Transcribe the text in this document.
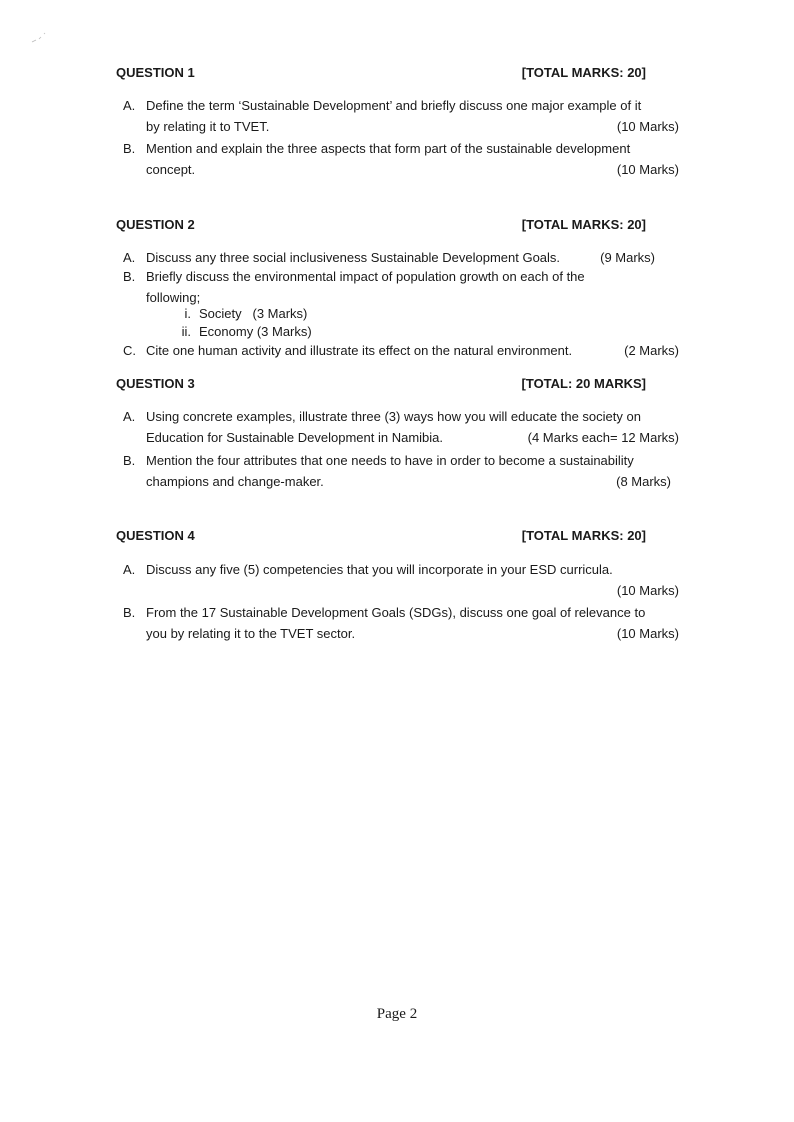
QUESTION 1	[TOTAL MARKS: 20]
A. Define the term ‘Sustainable Development’ and briefly discuss one major example of it
by relating it to TVET.	(10 Marks)
B. Mention and explain the three aspects that form part of the sustainable development
concept.	(10 Marks)
QUESTION 2	[TOTAL MARKS: 20]
A. Discuss any three social inclusiveness Sustainable Development Goals.	(9 Marks)
B. Briefly discuss the environmental impact of population growth on each of the
following;
i. Society (3 Marks)
ii. Economy (3 Marks)
C. Cite one human activity and illustrate its effect on the natural environment.	(2 Marks)
QUESTION 3	[TOTAL: 20 MARKS]
A. Using concrete examples, illustrate three (3) ways how you will educate the society on
Education for Sustainable Development in Namibia.	(4 Marks each= 12 Marks)
B. Mention the four attributes that one needs to have in order to become a sustainability
champions and change-maker.	(8 Marks)
QUESTION 4	[TOTAL MARKS: 20]
A. Discuss any five (5) competencies that you will incorporate in your ESD curricula.
(10 Marks)
B. From the 17 Sustainable Development Goals (SDGs), discuss one goal of relevance to
you by relating it to the TVET sector.	(10 Marks)
Page 2
